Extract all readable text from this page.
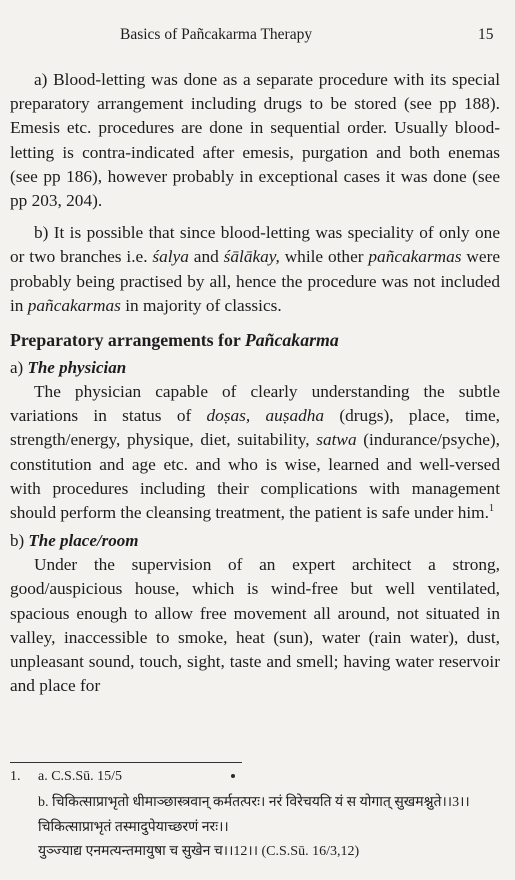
Basics of Pañcakarma Therapy	15

a) Blood-letting was done as a separate procedure with its special preparatory arrangement including drugs to be stored (see pp 188). Emesis etc. procedures are done in sequential order. Usually blood-letting is contra-indicated after emesis, purgation and both enemas (see pp 186), however probably in exceptional cases it was done (see pp 203, 204).

b) It is possible that since blood-letting was speciality of only one or two branches i.e. śalya and śālākay, while other pañcakarmas were probably being practised by all, hence the procedure was not included in pañcakarmas in majority of classics.

Preparatory arrangements for Pañcakarma
a) The physician

The physician capable of clearly understanding the subtle variations in status of doṣas, auṣadha (drugs), place, time, strength/energy, physique, diet, suitability, satwa (indurance/psyche), constitution and age etc. and who is wise, learned and well-versed with procedures including their complications with management should perform the cleansing treatment, the patient is safe under him.$^1$

b) The place/room

Under the supervision of an expert architect a strong, good/auspicious house, which is wind-free but well ventilated, spacious enough to allow free movement all around, not situated in valley, inaccessible to smoke, heat (sun), water (rain water), dust, unpleasant sound, touch, sight, taste and smell; having water reservoir and place for

1. a. C.S.Sū. 15/5
b. चिकित्साप्राभृतो धीमाञ्छास्त्रवान् कर्मतत्परः। नरं विरेचयति यं स योगात् सुखमश्नुते।।3।।
चिकित्साप्राभृतं तस्मादुपेयाच्छरणं नरः।।
युञ्ज्याद्य एनमत्यन्तमायुषा च सुखेन च।।12।। (C.S.Sū. 16/3,12)
